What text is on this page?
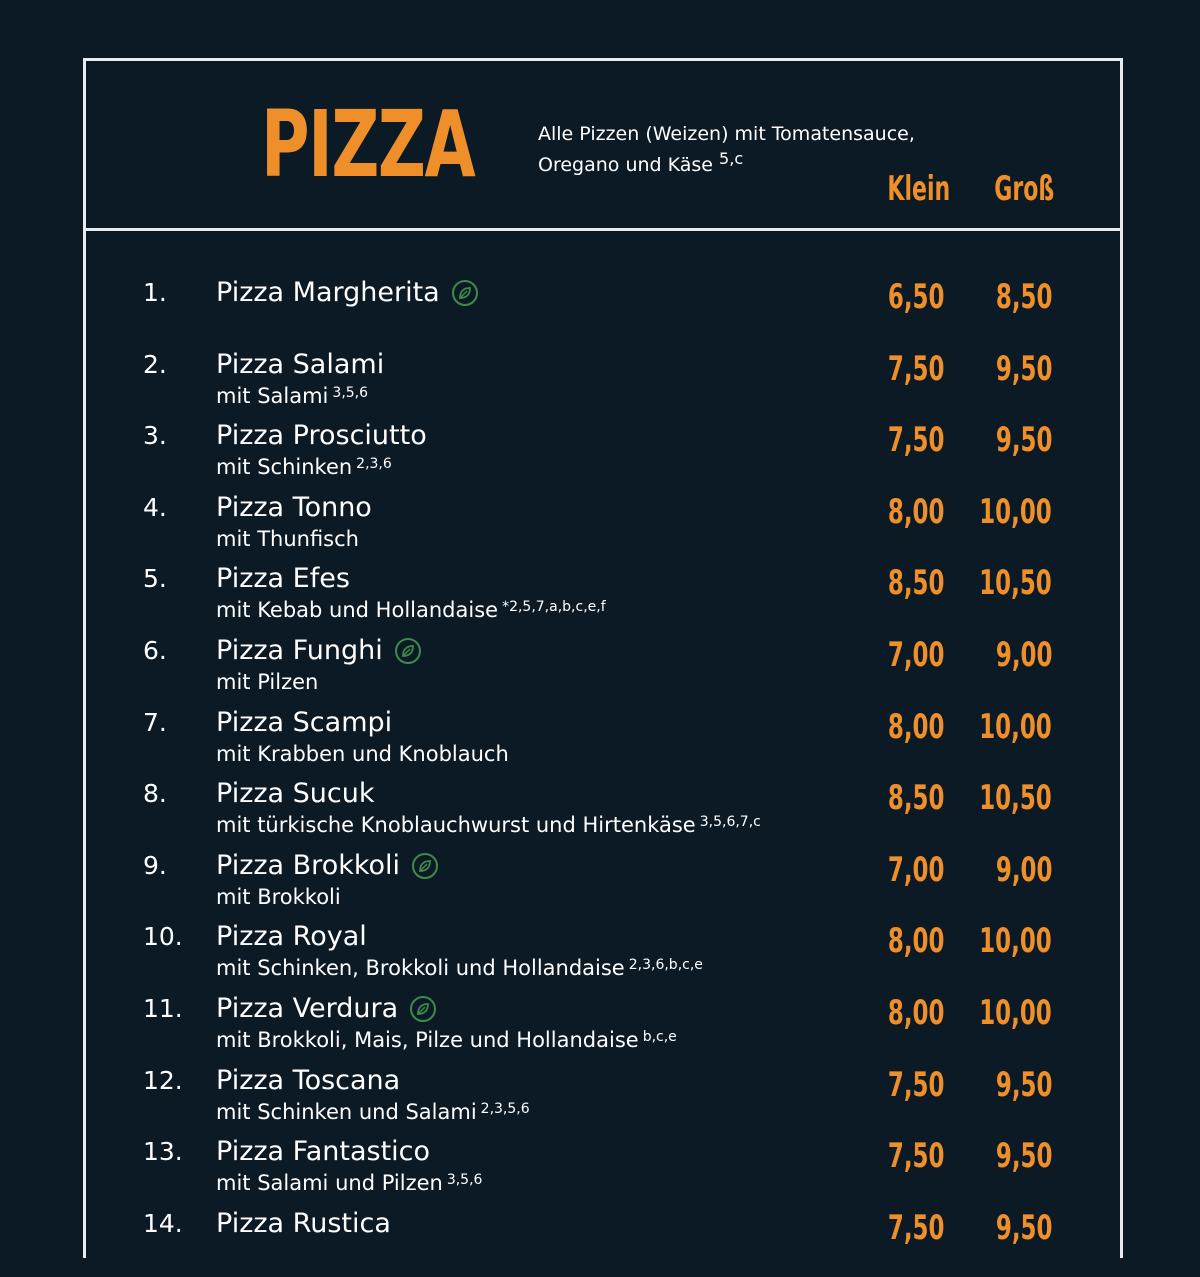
PIZZA	Alle Pizzen (Weizen) mit Tomatensauce,
Oregano und Käse $^{5,c}$
Klein Groß
1. Pizza Margherita	6,50 8,50
2. Pizza Salami
mit Salami $^{3,5,6}$
7,50 9,50
3. Pizza Prosciutto
mit Schinken $^{2,3,6}$
7,50 9,50
4. Pizza Tonno
mit Thunfisch
8,00 10,00
5. Pizza Efes
mit Kebab und Hollandaise $^{*2,5,7,a,b,c,e,f}$
8,50 10,50
6. Pizza Funghi
mit Pilzen
7,00 9,00
7. Pizza Scampi
mit Krabben und Knoblauch
8,00 10,00
8. Pizza Sucuk
mit türkische Knoblauchwurst und Hirtenkäse $^{3,5,6,7,c}$
8,50 10,50
9. Pizza Brokkoli
mit Brokkoli
7,00 9,00
10. Pizza Royal
mit Schinken, Brokkoli und Hollandaise $^{2,3,6,b,c,e}$
8,00 10,00
11. Pizza Verdura
mit Brokkoli, Mais, Pilze und Hollandaise $^{b,c,e}$
8,00 10,00
12. Pizza Toscana
mit Schinken und Salami $^{2,3,5,6}$
7,50 9,50
13. Pizza Fantastico
mit Salami und Pilzen $^{3,5,6}$
7,50 9,50
14. Pizza Rustica	7,50 9,50
